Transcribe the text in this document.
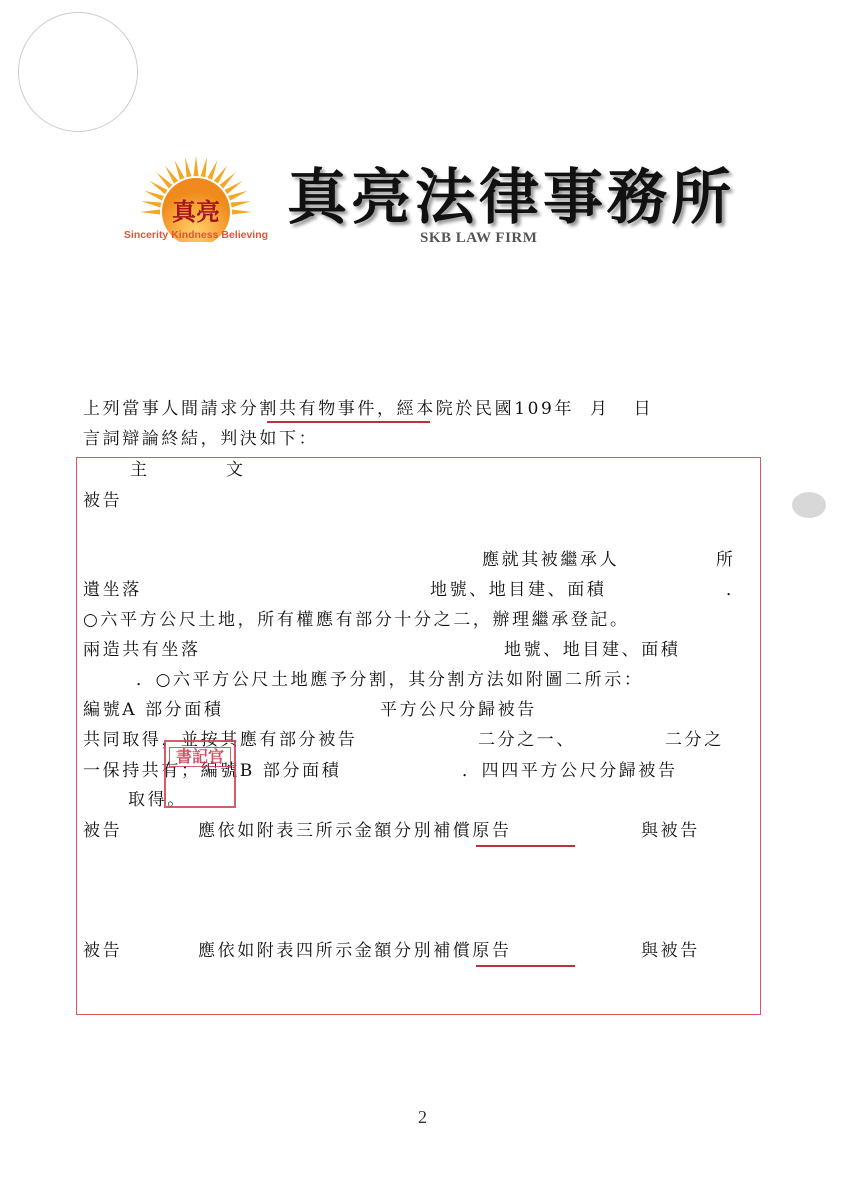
真亮
Sincerity Kindness Believing
真亮法律事務所
SKB LAW FIRM
上列當事人間請求分割共有物事件，經本院於民國109年  月   日
言詞辯論終結，判決如下：
主	文
被告
應就其被繼承人	所
遺坐落	地號、地目建、面積	．
○六平方公尺土地，所有權應有部分十分之二，辦理繼承登記。
兩造共有坐落	地號、地目建、面積
．○六平方公尺土地應予分割，其分割方法如附圖二所示：
編號A 部分面積	平方公尺分歸被告
共同取得，並按其應有部分被告	二分之一、	二分之
一保持共有；編號B 部分面積	．四四平方公尺分歸被告
取得。
被告	應依如附表三所示金額分別補償原告	與被告
被告	應依如附表四所示金額分別補償原告	與被告
書記官
2
